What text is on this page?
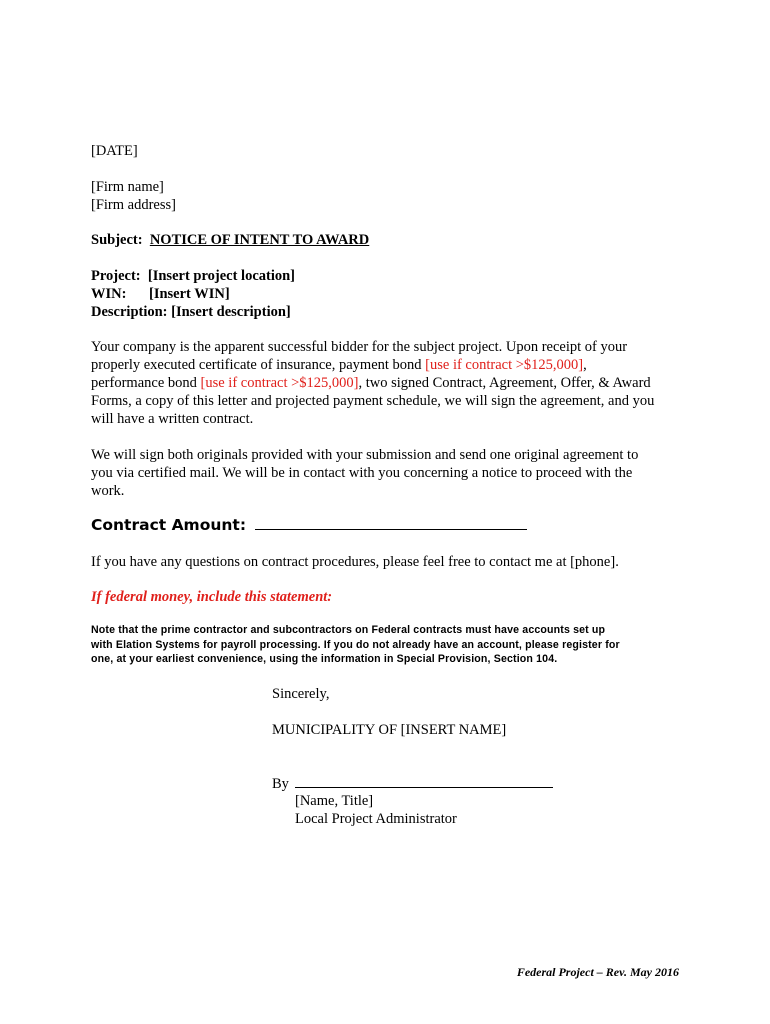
[DATE]
[Firm name]
[Firm address]
Subject: NOTICE OF INTENT TO AWARD
Project: [Insert project location]
WIN: [Insert WIN]
Description: [Insert description]
Your company is the apparent successful bidder for the subject project. Upon receipt of your
properly executed certificate of insurance, payment bond [use if contract >$125,000],
performance bond [use if contract >$125,000], two signed Contract, Agreement, Offer, & Award
Forms, a copy of this letter and projected payment schedule, we will sign the agreement, and you
will have a written contract.
We will sign both originals provided with your submission and send one original agreement to
you via certified mail. We will be in contact with you concerning a notice to proceed with the
work.
Contract Amount:
If you have any questions on contract procedures, please feel free to contact me at [phone].
If federal money, include this statement:
Note that the prime contractor and subcontractors on Federal contracts must have accounts set up
with Elation Systems for payroll processing. If you do not already have an account, please register for
one, at your earliest convenience, using the information in Special Provision, Section 104.
Sincerely,
MUNICIPALITY OF [INSERT NAME]
By
[Name, Title]
Local Project Administrator
Federal Project – Rev. May 2016
